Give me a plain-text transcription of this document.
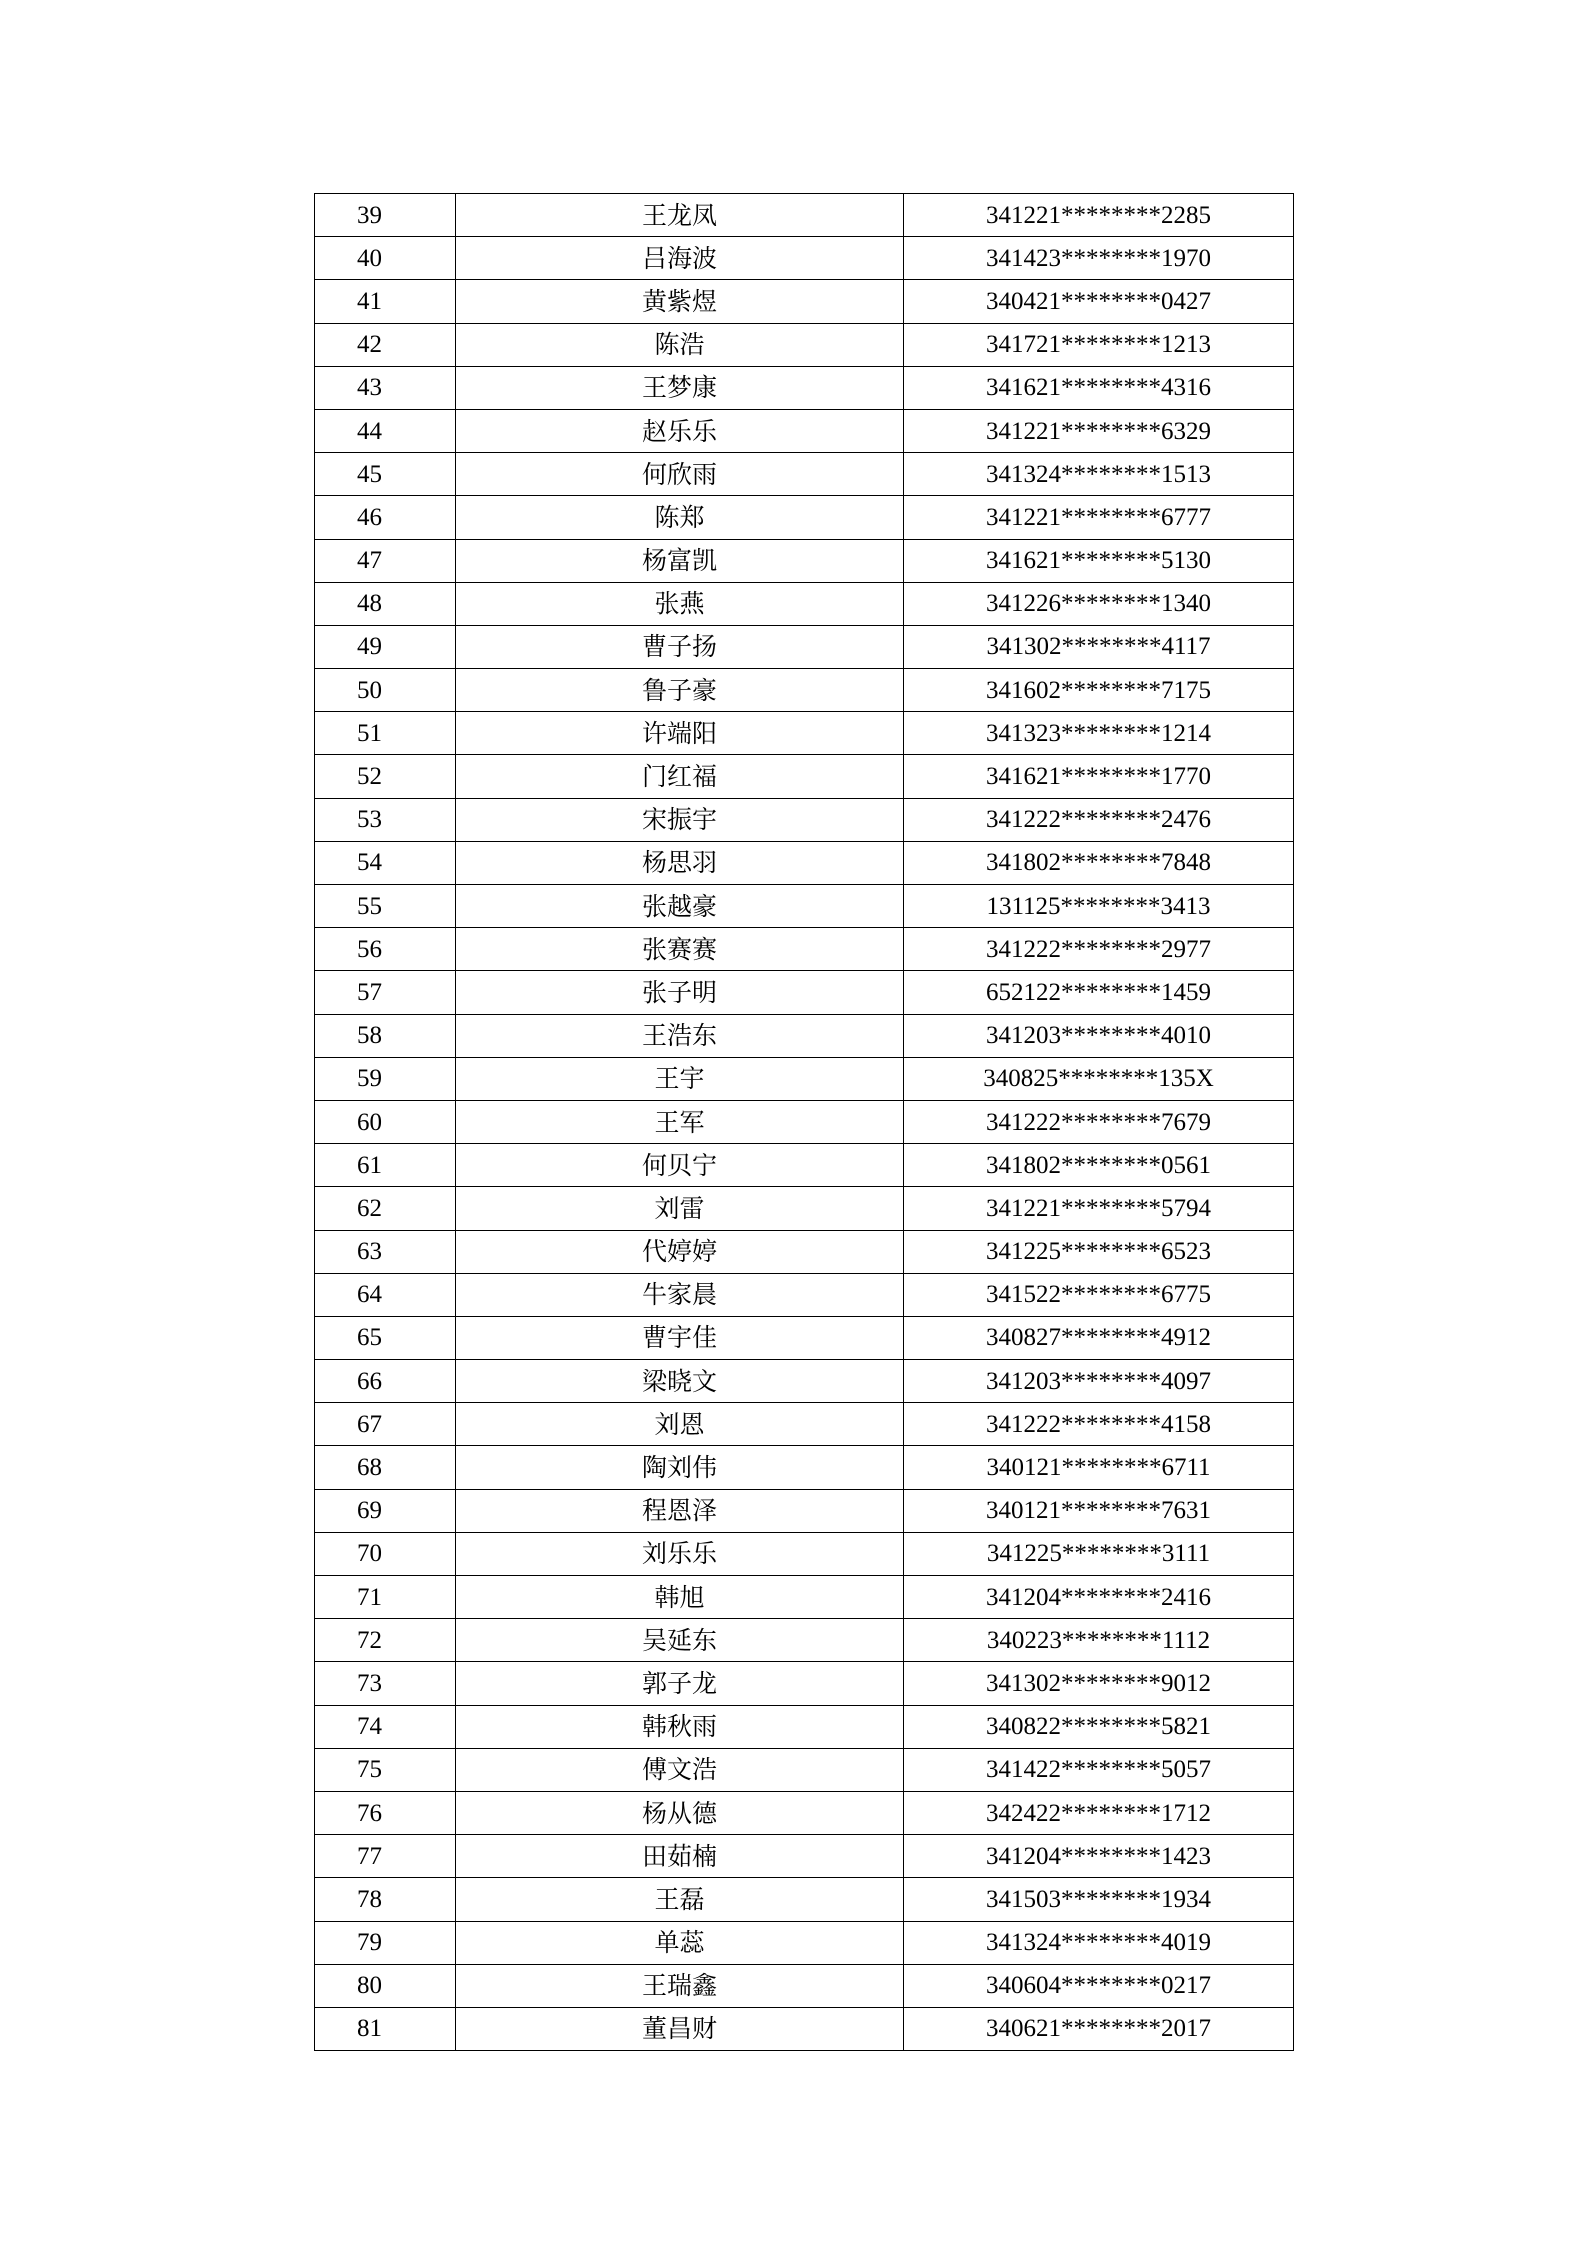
39	王龙凤	341221********2285
40	吕海波	341423********1970
41	黄紫煜	340421********0427
42	陈浩	341721********1213
43	王梦康	341621********4316
44	赵乐乐	341221********6329
45	何欣雨	341324********1513
46	陈郑	341221********6777
47	杨富凯	341621********5130
48	张燕	341226********1340
49	曹子扬	341302********4117
50	鲁子豪	341602********7175
51	许端阳	341323********1214
52	门红福	341621********1770
53	宋振宇	341222********2476
54	杨思羽	341802********7848
55	张越豪	131125********3413
56	张赛赛	341222********2977
57	张子明	652122********1459
58	王浩东	341203********4010
59	王宇	340825********135X
60	王军	341222********7679
61	何贝宁	341802********0561
62	刘雷	341221********5794
63	代婷婷	341225********6523
64	牛家晨	341522********6775
65	曹宇佳	340827********4912
66	梁晓文	341203********4097
67	刘恩	341222********4158
68	陶刘伟	340121********6711
69	程恩泽	340121********7631
70	刘乐乐	341225********3111
71	韩旭	341204********2416
72	吴延东	340223********1112
73	郭子龙	341302********9012
74	韩秋雨	340822********5821
75	傅文浩	341422********5057
76	杨从德	342422********1712
77	田茹楠	341204********1423
78	王磊	341503********1934
79	单蕊	341324********4019
80	王瑞鑫	340604********0217
81	董昌财	340621********2017
